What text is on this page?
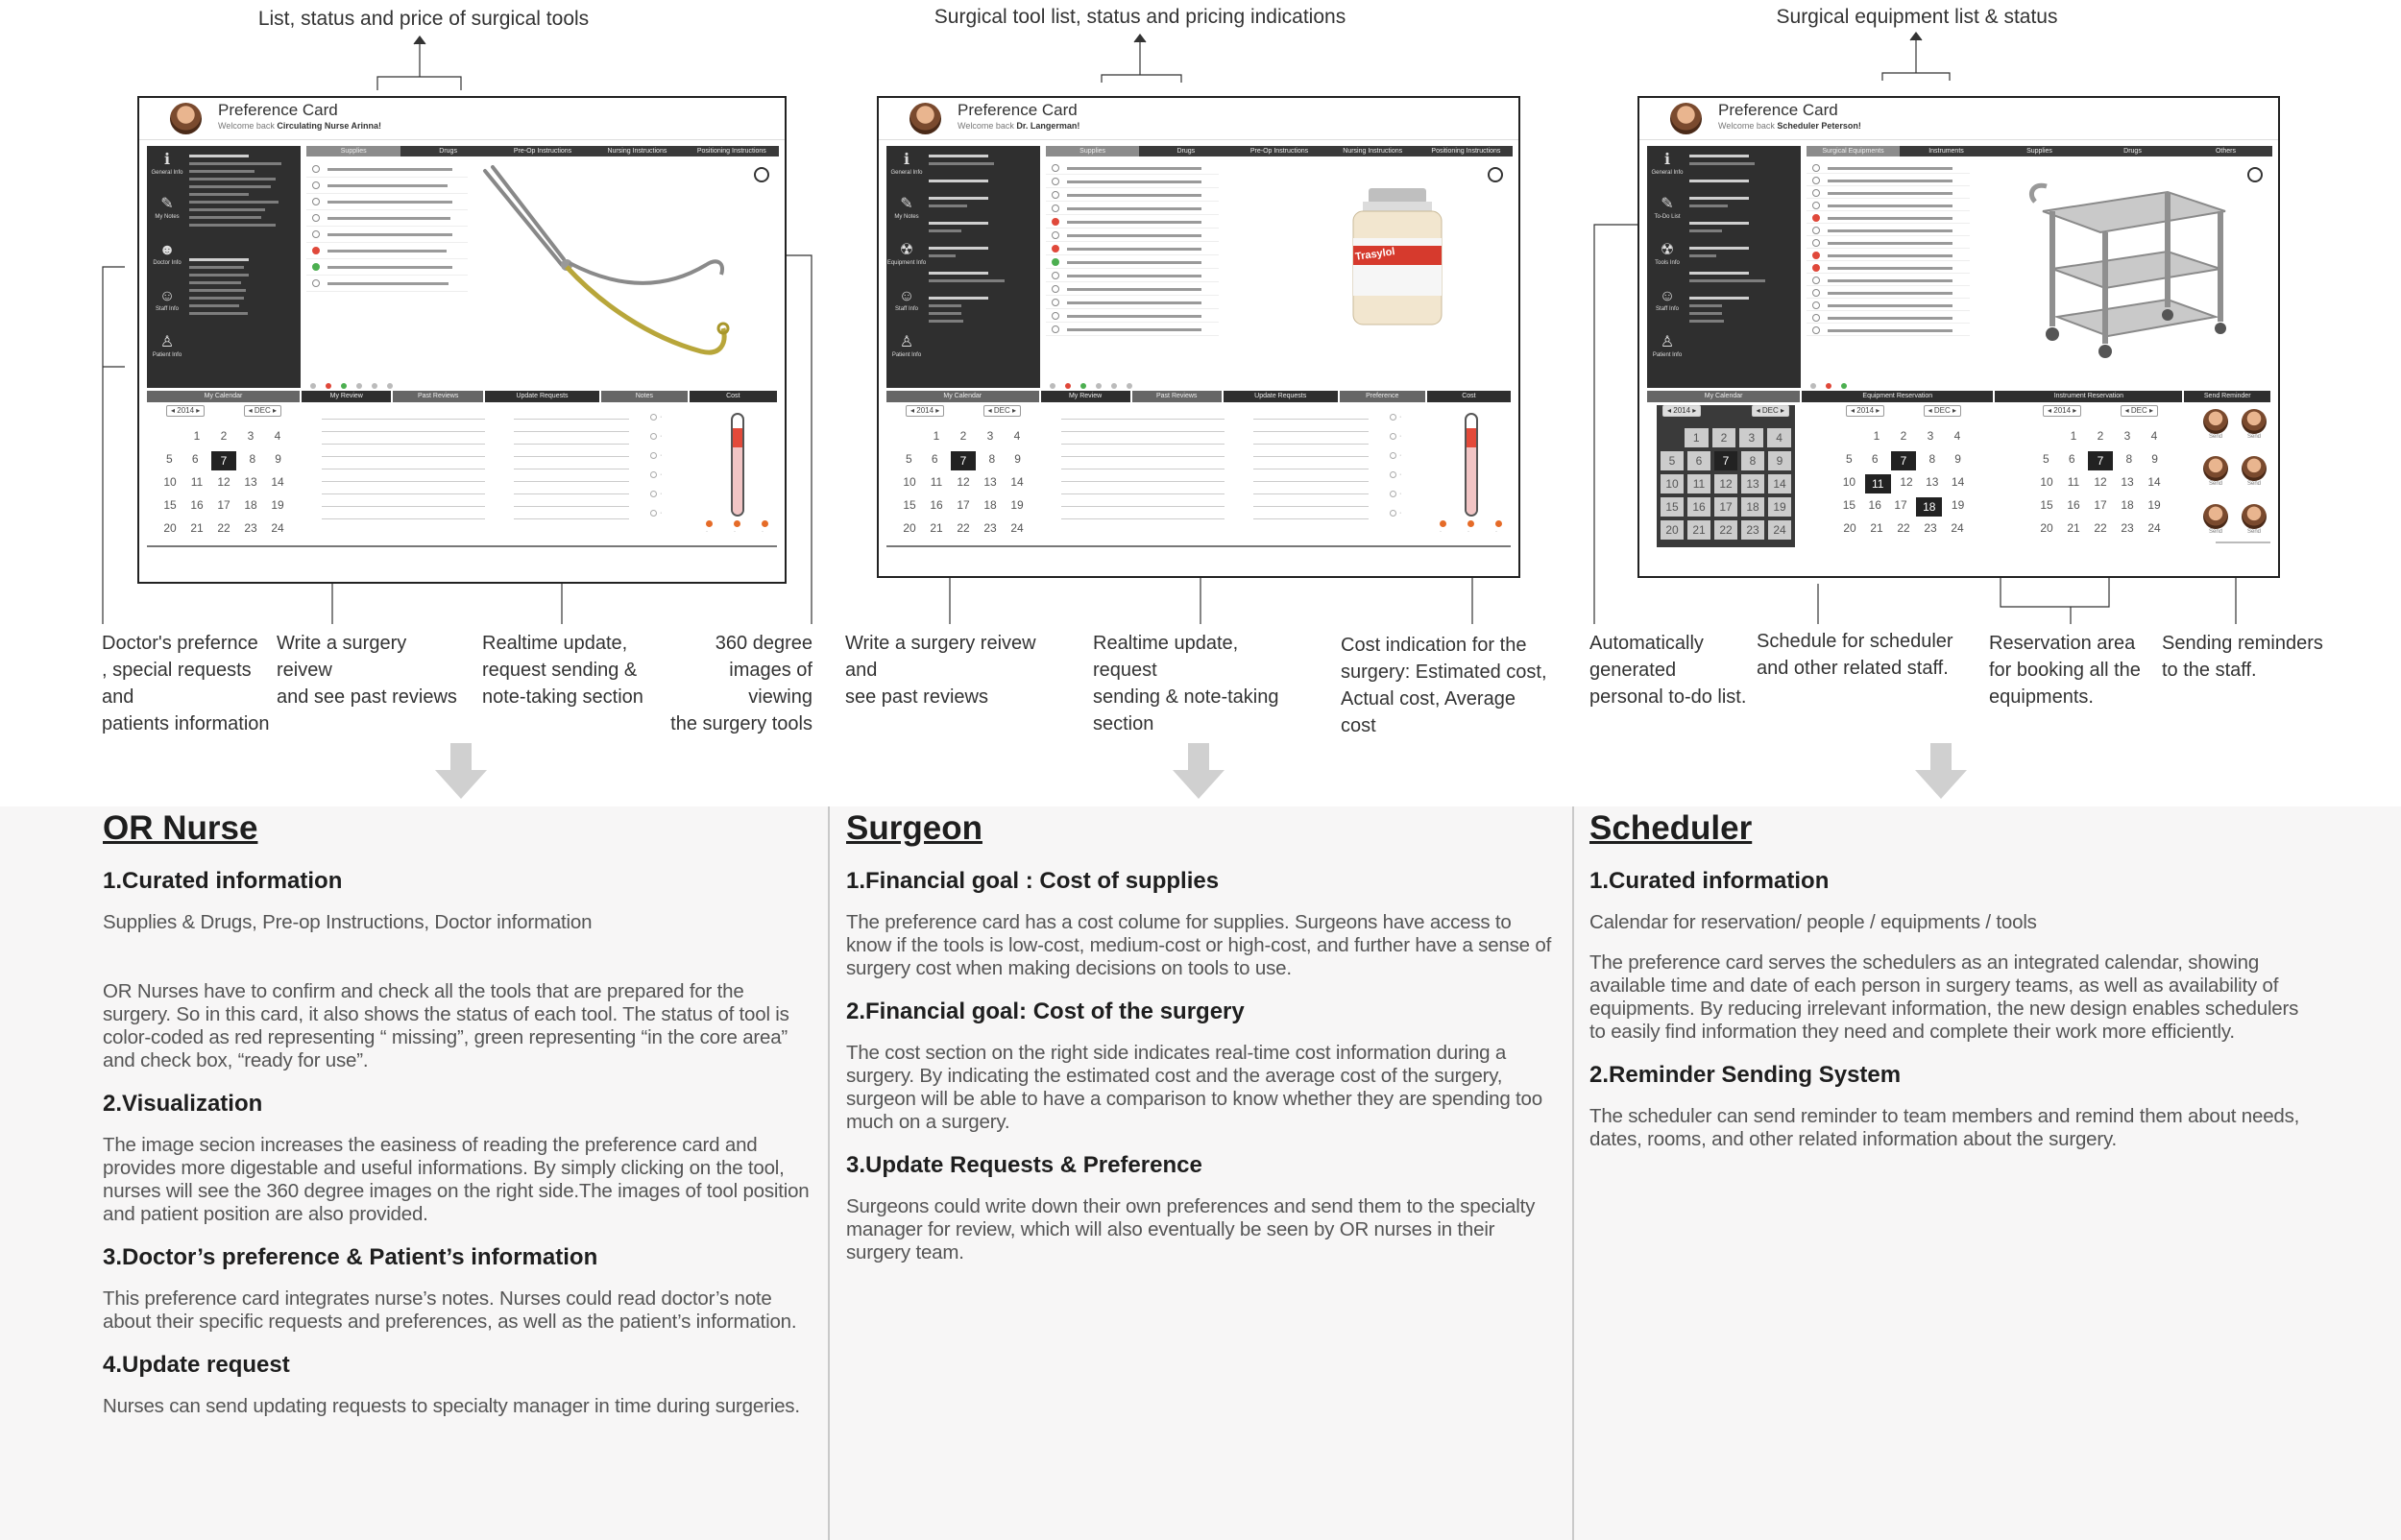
List, status and price of surgical tools	Surgical tool list, status and pricing indications	Surgical equipment list & status
Preference Card
Welcome back Circulating Nurse Arinna!
ℹ
General Info
✎
My Notes
☻
Doctor Info
☺
Staff Info
♙
Patient Info
Supplies	Drugs	Pre-Op Instructions	Nursing Instructions	Positioning Instructions
My Calendar	My Review	Past Reviews	Update Requests	Notes	Cost
◂ 2014 ▸	◂ DEC ▸
1	2	3	4
5	6	7	8	9
10	11	12	13	14
15	16	17	18	19
20	21	22	23	24
·
·
·
·
·
·
·	·	·
Preference Card
Welcome back Dr. Langerman!
ℹ
General Info
✎
My Notes
☢
Equipment Info
☺
Staff Info
♙
Patient Info
Supplies	Drugs	Pre-Op Instructions	Nursing Instructions	Positioning Instructions
Trasylol
My Calendar	My Review	Past Reviews	Update Requests	Preference	Cost
◂ 2014 ▸	◂ DEC ▸
1	2	3	4
5	6	7	8	9
10	11	12	13	14
15	16	17	18	19
20	21	22	23	24
·
·
·
·
·
·
·	·	·
Preference Card
Welcome back Scheduler Peterson!
ℹ
General Info
✎
To-Do List
☢
Tools Info
☺
Staff Info
♙
Patient Info
Surgical Equipments	Instruments	Supplies	Drugs	Others
My Calendar	Equipment Reservation	Instrument Reservation	Send Reminder
◂ 2014 ▸	◂ DEC ▸
1	2	3	4
5	6	7	8	9
10	11	12	13	14
15	16	17	18	19
20	21	22	23	24
◂ 2014 ▸	◂ DEC ▸
1	2	3	4
5	6	7	8	9
10	11	12	13	14
15	16	17	18	19
20	21	22	23	24
◂ 2014 ▸	◂ DEC ▸
1	2	3	4
5	6	7	8	9
10	11	12	13	14
15	16	17	18	19
20	21	22	23	24
Send	Send
Send	Send
Send	Send
Doctor's prefernce
, special requests and
patients information
Write a surgery reivew
and see past reviews
Realtime update,
request sending &
note-taking section
360 degree
images of viewing
the surgery tools
Write a surgery reivew and
see past reviews
Realtime update, request
sending & note-taking
section
Cost indication for the
surgery: Estimated cost,
Actual cost, Average cost
Automatically
generated
personal to-do list.
Schedule for scheduler
and other related staff.
Reservation area
for booking all the
equipments.
Sending reminders
to the staff.
OR Nurse
1.Curated information
Supplies & Drugs, Pre-op Instructions, Doctor information
OR Nurses have to confirm and check all the tools that are prepared for the surgery. So in this card, it also shows the status of each tool. The status of tool is color-coded as red representing “ missing”, green representing “in the core area” and check box, “ready for use”.
2.Visualization
The image secion increases the easiness of reading the preference card and provides more digestable and useful informations. By simply clicking on the tool, nurses will see the 360 degree images on the right side.The images of tool position and patient position are also provided.
3.Doctor’s preference & Patient’s information
This preference card integrates nurse’s notes. Nurses could read doctor’s note about their specific requests and preferences, as well as the patient’s information.
4.Update request
Nurses can send updating requests to specialty manager in time during surgeries.
Surgeon
1.Financial goal : Cost of supplies
The preference card has a cost colume for supplies. Surgeons have access to know if the tools is low-cost, medium-cost or high-cost, and further have a sense of surgery cost when making decisions on tools to use.
2.Financial goal: Cost of the surgery
The cost section on the right side indicates real-time cost information during a surgery. By indicating the estimated cost and the average cost of the surgery, surgeon will be able to have a comparison to know whether they are spending too much on a surgery.
3.Update Requests & Preference
Surgeons could write down their own preferences and send them to the specialty manager for review, which will also eventually be seen by OR nurses in their surgery team.
Scheduler
1.Curated information
Calendar for reservation/ people / equipments / tools
The preference card serves the schedulers as an integrated calendar, showing available time and date of each person in surgery teams, as well as availability of equipments. By reducing irrelevant information, the new design enables schedulers to easily find information they need and complete their work more efficiently.
2.Reminder Sending System
The scheduler can send reminder to team members and remind them about needs, dates, rooms, and other related information about the surgery.
